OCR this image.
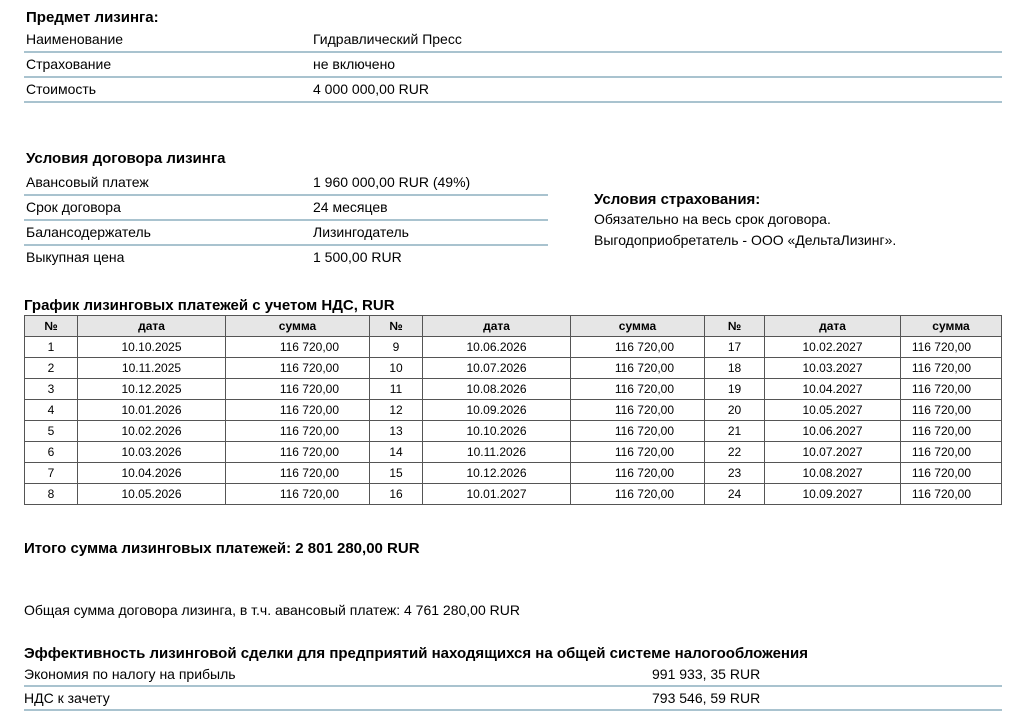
Предмет лизинга:
Наименование	Гидравлический Пресс
Страхование	не включено
Стоимость	4 000 000,00 RUR
Условия договора лизинга
Авансовый платеж	1 960 000,00 RUR (49%)
Срок договора	24 месяцев
Балансодержатель	Лизингодатель
Выкупная цена	1 500,00 RUR
Условия страхования:
Обязательно на весь срок договора.
Выгодоприобретатель - ООО «ДельтаЛизинг».
График лизинговых платежей с учетом НДС, RUR
№	дата	сумма	№	дата	сумма	№	дата	сумма
1	10.10.2025	116 720,00	9	10.06.2026	116 720,00	17	10.02.2027	116 720,00
2	10.11.2025	116 720,00	10	10.07.2026	116 720,00	18	10.03.2027	116 720,00
3	10.12.2025	116 720,00	11	10.08.2026	116 720,00	19	10.04.2027	116 720,00
4	10.01.2026	116 720,00	12	10.09.2026	116 720,00	20	10.05.2027	116 720,00
5	10.02.2026	116 720,00	13	10.10.2026	116 720,00	21	10.06.2027	116 720,00
6	10.03.2026	116 720,00	14	10.11.2026	116 720,00	22	10.07.2027	116 720,00
7	10.04.2026	116 720,00	15	10.12.2026	116 720,00	23	10.08.2027	116 720,00
8	10.05.2026	116 720,00	16	10.01.2027	116 720,00	24	10.09.2027	116 720,00
Итого сумма лизинговых платежей: 2 801 280,00 RUR
Общая сумма договора лизинга, в т.ч. авансовый платеж: 4 761 280,00 RUR
Эффективность лизинговой сделки для предприятий находящихся на общей системе налогообложения
Экономия по налогу на прибыль	991 933, 35 RUR
НДС к зачету	793 546, 59 RUR
